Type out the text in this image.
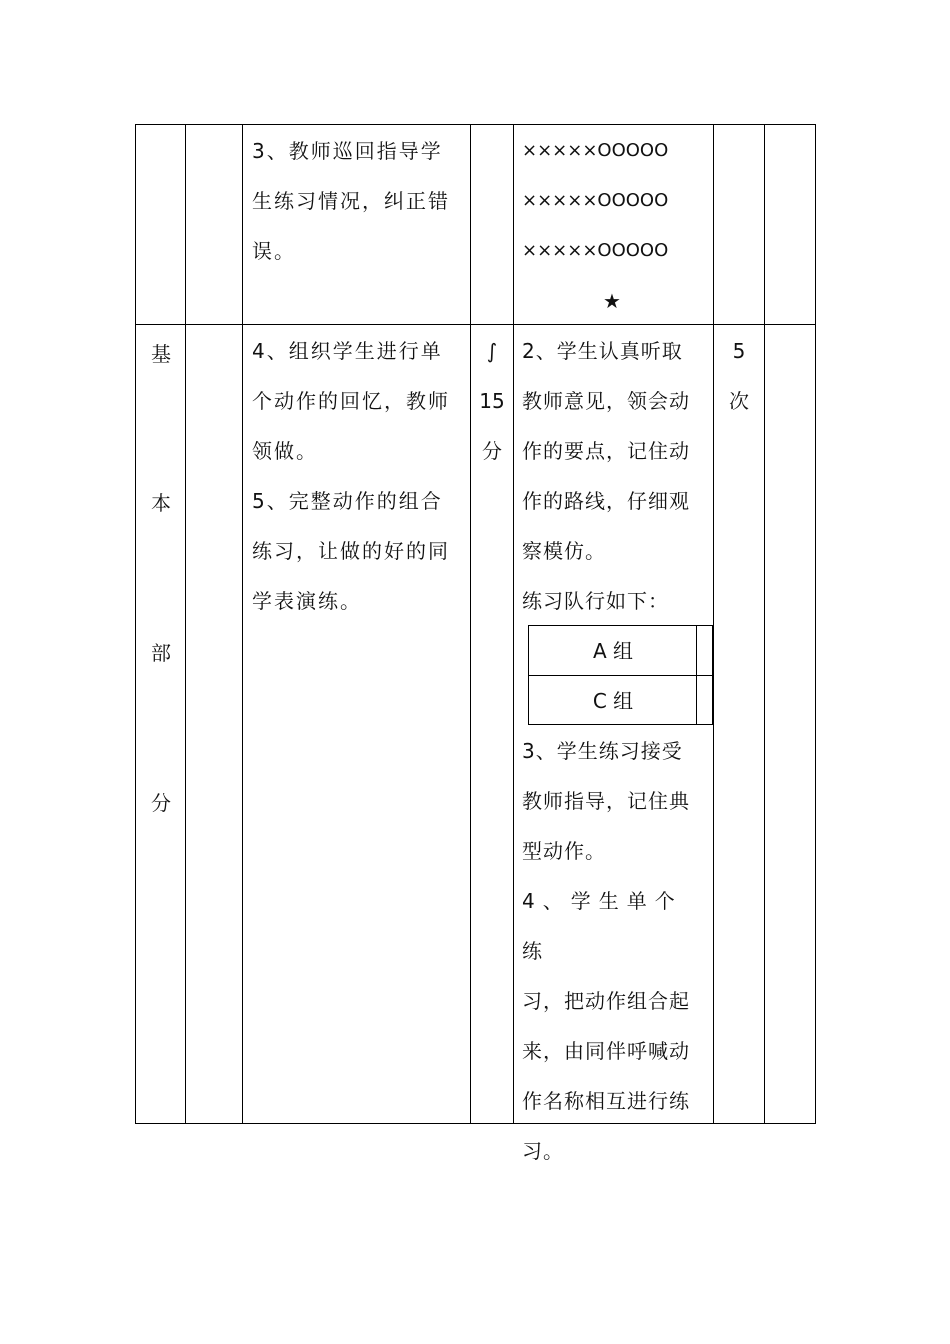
3、教师巡回指导学

生练习情况，纠正错

误。

×××××OOOOO

×××××OOOOO

×××××OOOOO

★

基
本
部
分

4、组织学生进行单

个动作的回忆，教师

领做。

5、完整动作的组合

练习，让做的好的同

学表演练。

∫

15

分

2、学生认真听取

教师意见，领会动

作的要点，记住动

作的路线，仔细观

察模仿。

练习队行如下：

A 组
C 组

3、学生练习接受

教师指导，记住典

型动作。

4、学生单个练

习，把动作组合起

来，由同伴呼喊动

作名称相互进行练

习。

5

次
